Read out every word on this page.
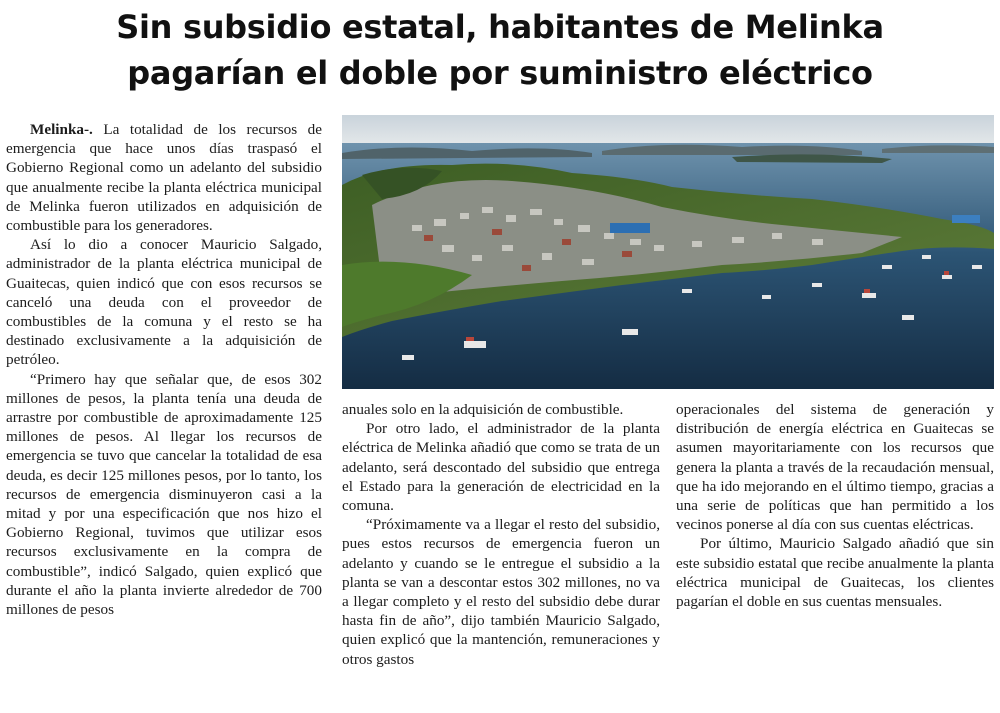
Sin subsidio estatal, habitantes de Melinka
pagarían el doble por suministro eléctrico

Melinka-. La totalidad de los recursos de emergencia que hace unos días traspasó el Gobierno Regional como un adelanto del subsidio que anualmente recibe la planta eléctrica municipal de Melinka fueron utilizados en adquisición de combustible para los generadores.

Así lo dio a conocer Mauricio Salgado, administrador de la planta eléctrica municipal de Guaitecas, quien indicó que con esos recursos se canceló una deuda con el proveedor de combustibles de la comuna y el resto se ha destinado exclusivamente a la adquisición de petróleo.

“Primero hay que señalar que, de esos 302 millones de pesos, la planta tenía una deuda de arrastre por combustible de aproximadamente 125 millones de pesos. Al llegar los recursos de emergencia se tuvo que cancelar la totalidad de esa deuda, es decir 125 millones pesos, por lo tanto, los recursos de emergencia disminuyeron casi a la mitad y por una especificación que nos hizo el Gobierno Regional, tuvimos que utilizar esos recursos exclusivamente en la compra de combustible”, indicó Salgado, quien explicó que durante el año la planta invierte alrededor de 700 millones de pesos

anuales solo en la adquisición de combustible.

Por otro lado, el administrador de la planta eléctrica de Melinka añadió que como se trata de un adelanto, será descontado del subsidio que entrega el Estado para la generación de electricidad en la comuna.

“Próximamente va a llegar el resto del subsidio, pues estos recursos de emergencia fueron un adelanto y cuando se le entregue el subsidio a la planta se van a descontar estos 302 millones, no va a llegar completo y el resto del subsidio debe durar hasta fin de año”, dijo también Mauricio Salgado, quien explicó que la mantención, remuneraciones y otros gastos

operacionales del sistema de generación y distribución de energía eléctrica en Guaitecas se asumen mayoritariamente con los recursos que genera la planta a través de la recaudación mensual, que ha ido mejorando en el último tiempo, gracias a una serie de políticas que han permitido a los vecinos ponerse al día con sus cuentas eléctricas.

Por último, Mauricio Salgado añadió que sin este subsidio estatal que recibe anualmente la planta eléctrica municipal de Guaitecas, los clientes pagarían el doble en sus cuentas mensuales.
